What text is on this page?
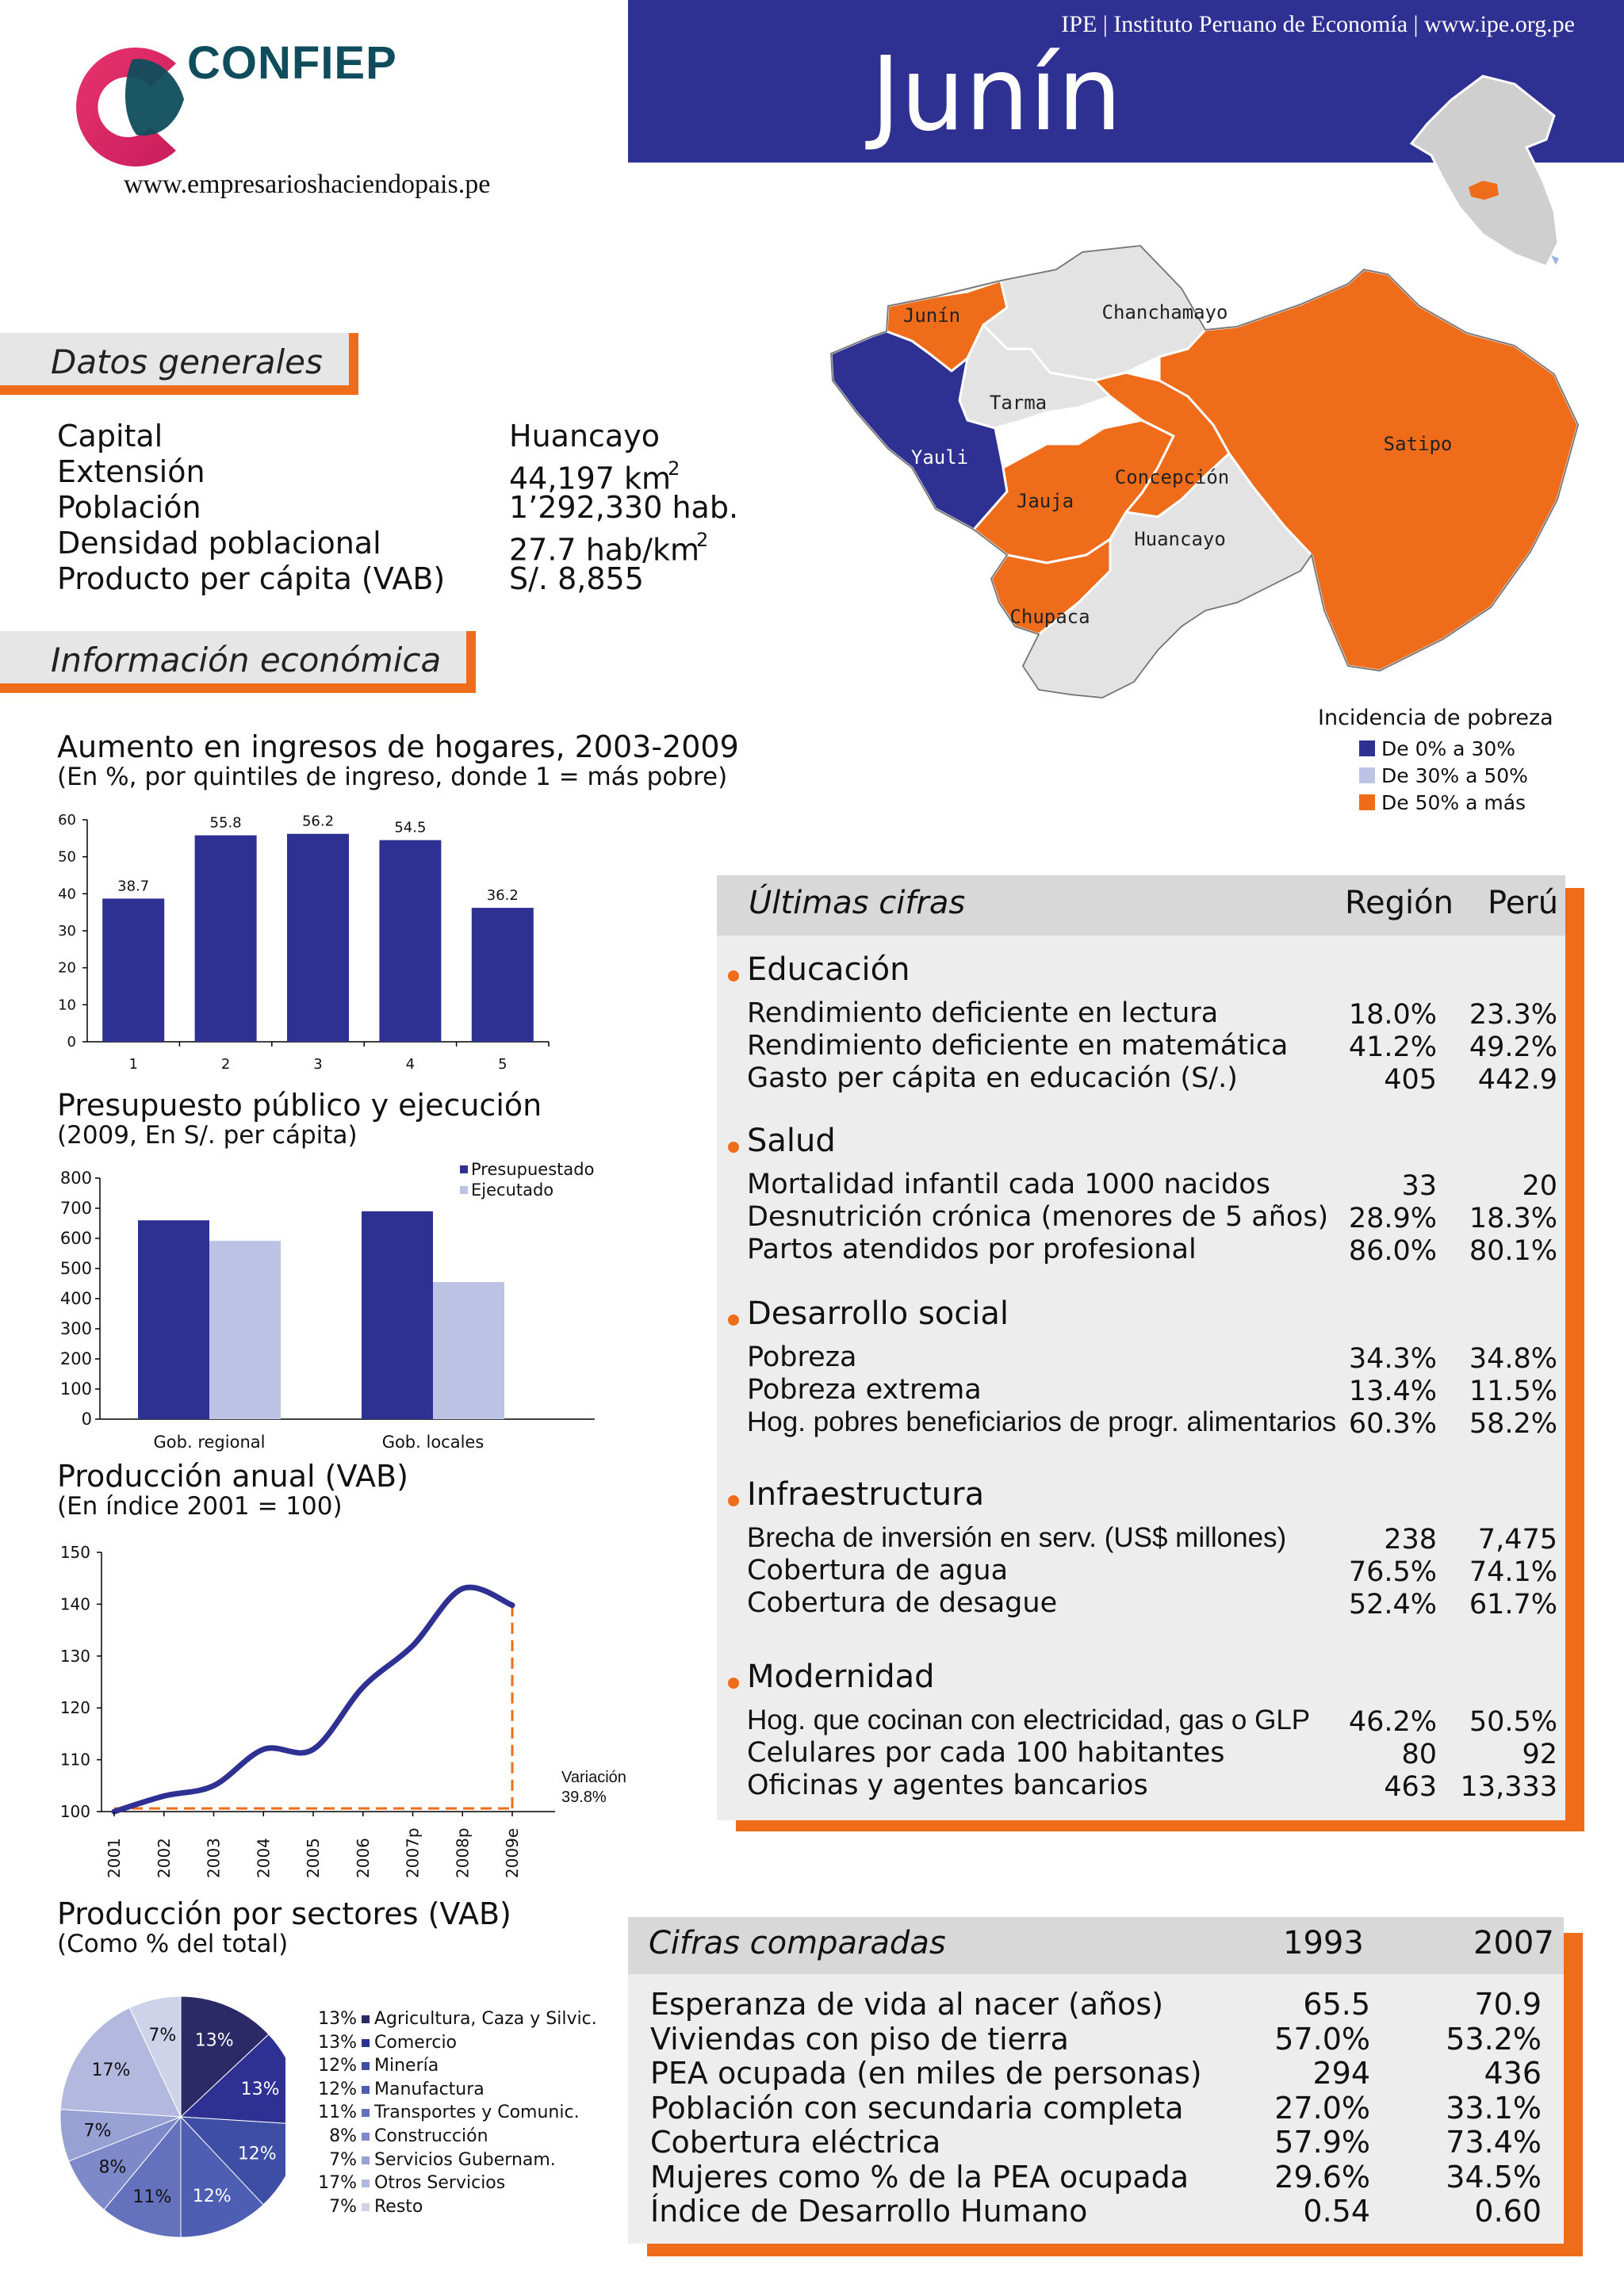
CONFIEP
www.empresarioshaciendopais.pe
IPE | Instituto Peruano de Economía | www.ipe.org.pe
Junín
Datos generales
Capital	Huancayo
Extensión	44,197 $km^2$
Población	1’292,330 hab.
Densidad poblacional	27.7 hab/$km^2$
Producto per cápita (VAB) S/. 8,855
Información económica
Aumento en ingresos de hogares, 2003-2009
(En %, por quintiles de ingreso, donde 1 = más pobre)
0
10
20
30
40
50
60
38.7
1
55.8
2
56.2
3
54.5
4
36.2
5
Presupuesto público y ejecución
(2009, En S/. per cápita)
0
100
200
300
400
500
600
700
800
Gob. regional	Gob. locales
Presupuestado
Ejecutado
Producción anual (VAB)
(En índice 2001 = 100)
100
110
120
130
140
150
2001 2002 2003 2004 2005 2006 2007p 2008p 2009e
Variación
39.8%
Producción por sectores (VAB)
(Como % del total)
13%
13%
12%
12%
11%
8%
7%
17%
7%
13% Agricultura, Caza y Silvic.
13% Comercio
12% Minería
12% Manufactura
11% Transportes y Comunic.
8% Construcción
7% Servicios Gubernam.
17% Otros Servicios
7% Resto
Junín	Chanchamayo
Tarma
Yauli
Satipo
Jauja
Concepción
Huancayo
Chupaca
Incidencia de pobreza
De 0% a 30%
De 30% a 50%
De 50% a más
Últimas cifras	Región Perú
Educación
Rendimiento deficiente en lectura	18.0%	23.3%
Rendimiento deficiente en matemática	41.2%	49.2%
Gasto per cápita en educación (S/.)	405	442.9
Salud
Mortalidad infantil cada 1000 nacidos	33	20
Desnutrición crónica (menores de 5 años) 28.9%	18.3%
Partos atendidos por profesional	86.0%	80.1%
Desarrollo social
Pobreza	34.3%	34.8%
Pobreza extrema	13.4%	11.5%
Hog. pobres beneficiarios de progr. alimentarios 60.3%	58.2%
Infraestructura
Brecha de inversión en serv. (US$ millones)	238	7,475
Cobertura de agua	76.5%	74.1%
Cobertura de desague	52.4%	61.7%
Modernidad
Hog. que cocinan con electricidad, gas o GLP	46.2%	50.5%
Celulares por cada 100 habitantes	80	92
Oficinas y agentes bancarios	463 13,333
Cifras comparadas	1993	2007
Esperanza de vida al nacer (años)	65.5	70.9
Viviendas con piso de tierra	57.0%	53.2%
PEA ocupada (en miles de personas)	294	436
Población con secundaria completa	27.0%	33.1%
Cobertura eléctrica	57.9%	73.4%
Mujeres como % de la PEA ocupada	29.6%	34.5%
Índice de Desarrollo Humano	0.54	0.60
